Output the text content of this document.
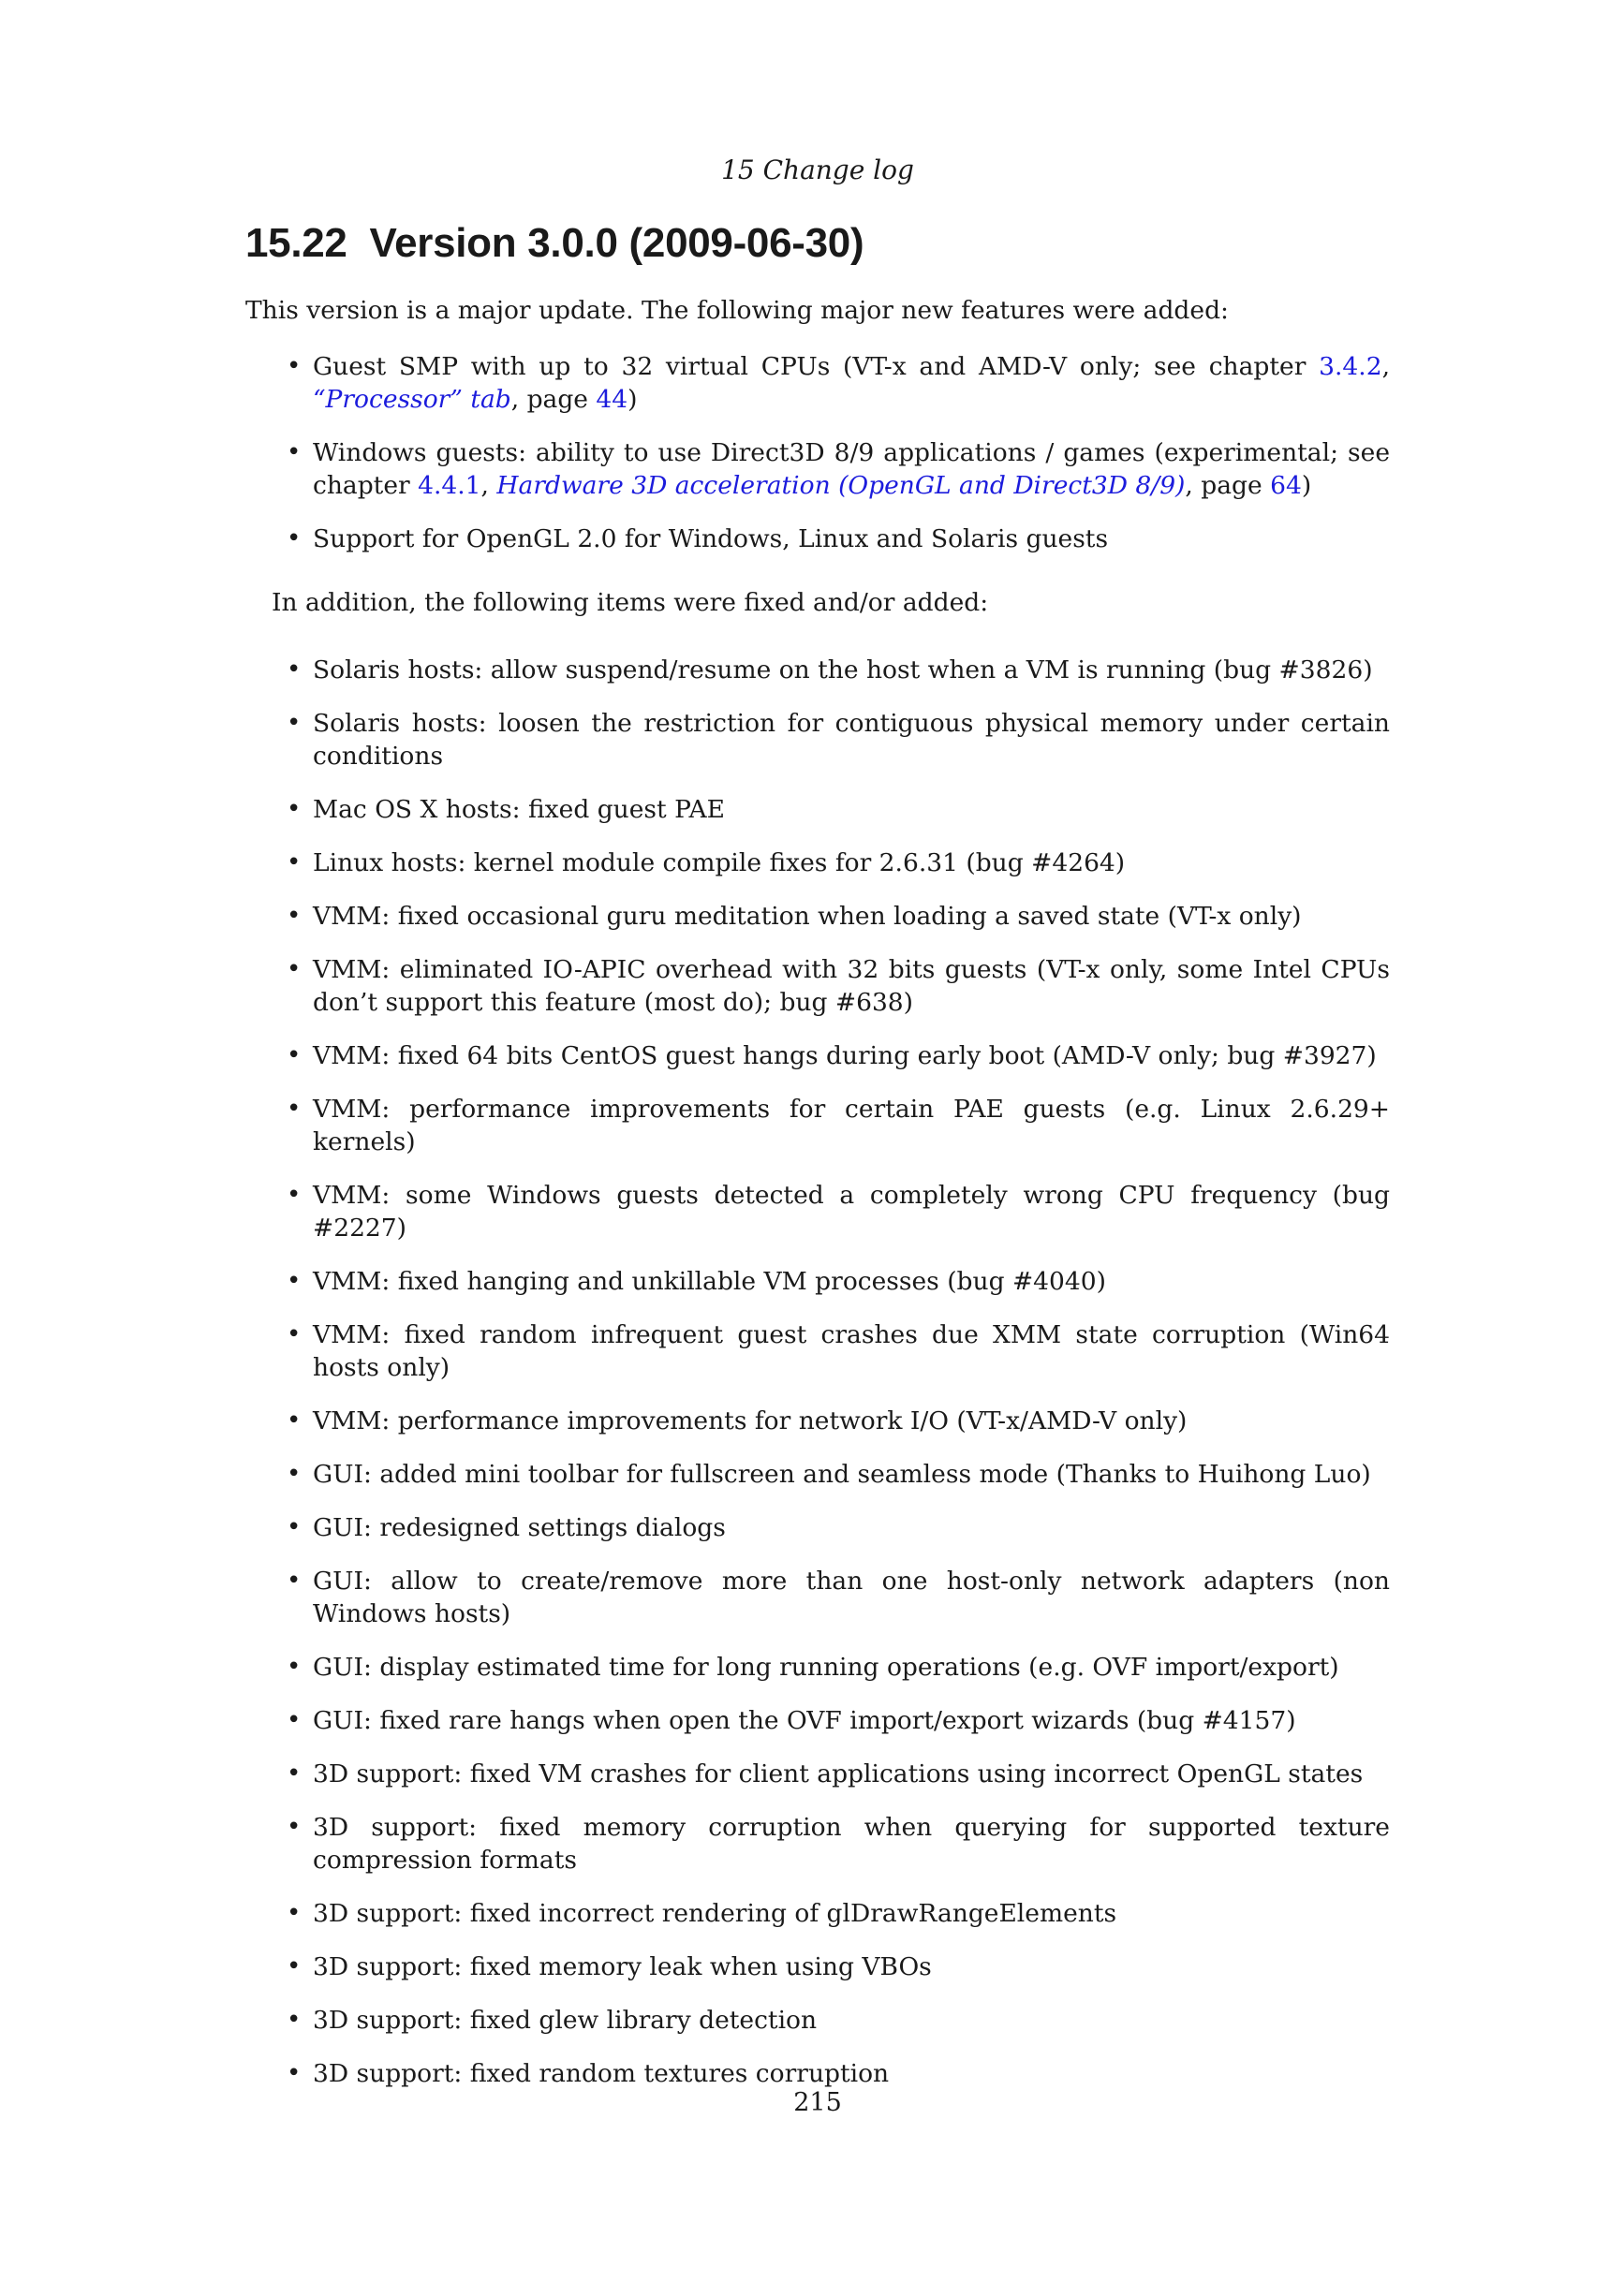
15 Change log
15.22 Version 3.0.0 (2009-06-30)

This version is a major update. The following major new features were added:

• Guest SMP with up to 32 virtual CPUs (VT-x and AMD-V only; see chapter 3.4.2, “Processor” tab, page 44)
• Windows guests: ability to use Direct3D 8/9 applications / games (experimental; see chapter 4.4.1, Hardware 3D acceleration (OpenGL and Direct3D 8/9), page 64)
• Support for OpenGL 2.0 for Windows, Linux and Solaris guests

In addition, the following items were fixed and/or added:

• Solaris hosts: allow suspend/resume on the host when a VM is running (bug #3826)
• Solaris hosts: loosen the restriction for contiguous physical memory under certain conditions
• Mac OS X hosts: fixed guest PAE
• Linux hosts: kernel module compile fixes for 2.6.31 (bug #4264)
• VMM: fixed occasional guru meditation when loading a saved state (VT-x only)
• VMM: eliminated IO-APIC overhead with 32 bits guests (VT-x only, some Intel CPUs don’t support this feature (most do); bug #638)
• VMM: fixed 64 bits CentOS guest hangs during early boot (AMD-V only; bug #3927)
• VMM: performance improvements for certain PAE guests (e.g. Linux 2.6.29+ kernels)
• VMM: some Windows guests detected a completely wrong CPU frequency (bug #2227)
• VMM: fixed hanging and unkillable VM processes (bug #4040)
• VMM: fixed random infrequent guest crashes due XMM state corruption (Win64 hosts only)
• VMM: performance improvements for network I/O (VT-x/AMD-V only)
• GUI: added mini toolbar for fullscreen and seamless mode (Thanks to Huihong Luo)
• GUI: redesigned settings dialogs
• GUI: allow to create/remove more than one host-only network adapters (non Windows hosts)
• GUI: display estimated time for long running operations (e.g. OVF import/export)
• GUI: fixed rare hangs when open the OVF import/export wizards (bug #4157)
• 3D support: fixed VM crashes for client applications using incorrect OpenGL states
• 3D support: fixed memory corruption when querying for supported texture compression formats
• 3D support: fixed incorrect rendering of glDrawRangeElements
• 3D support: fixed memory leak when using VBOs
• 3D support: fixed glew library detection
• 3D support: fixed random textures corruption
215
